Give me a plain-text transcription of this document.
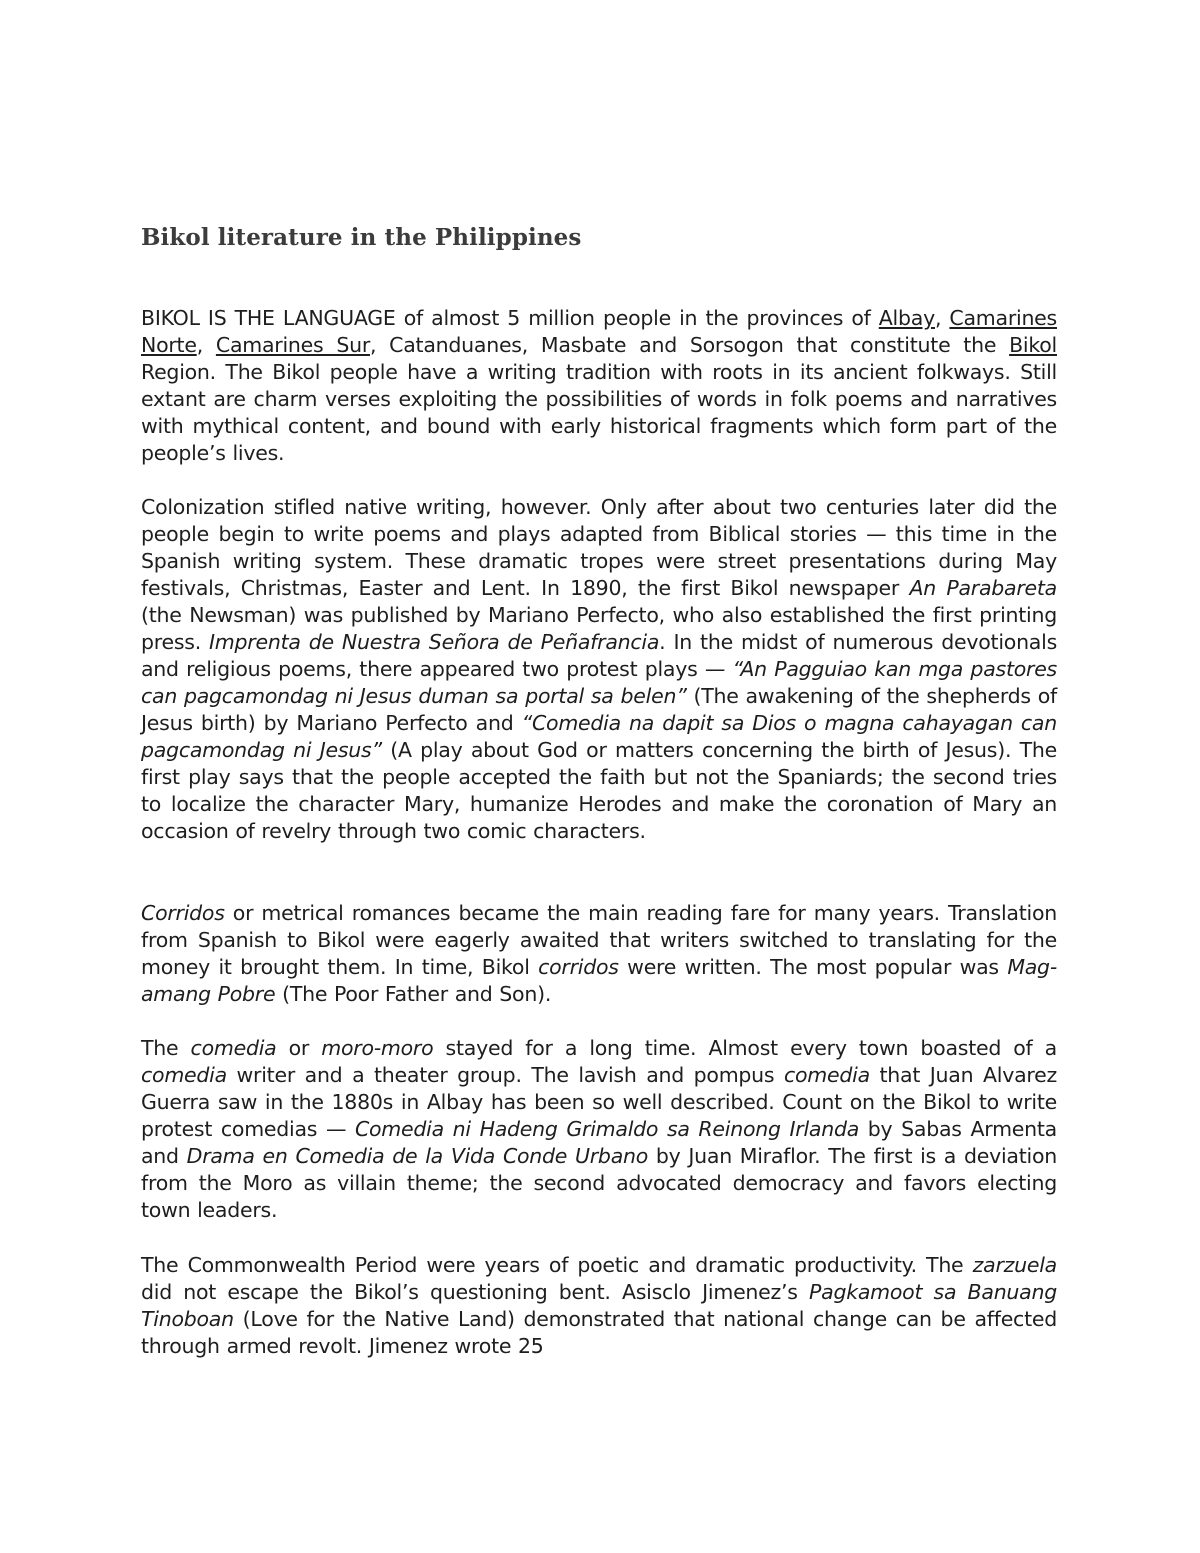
Bikol literature in the Philippines

BIKOL IS THE LANGUAGE of almost 5 million people in the provinces of Albay, Camarines Norte, Camarines Sur, Catanduanes, Masbate and Sorsogon that constitute the Bikol Region. The Bikol people have a writing tradition with roots in its ancient folkways. Still extant are charm verses exploiting the possibilities of words in folk poems and narratives with mythical content, and bound with early historical fragments which form part of the people’s lives.

Colonization stifled native writing, however. Only after about two centuries later did the people begin to write poems and plays adapted from Biblical stories — this time in the Spanish writing system. These dramatic tropes were street presentations during May festivals, Christmas, Easter and Lent. In 1890, the first Bikol newspaper An Parabareta (the Newsman) was published by Mariano Perfecto, who also established the first printing press. Imprenta de Nuestra Señora de Peñafrancia. In the midst of numerous devotionals and religious poems, there appeared two protest plays — “An Pagguiao kan mga pastores can pagcamondag ni Jesus duman sa portal sa belen” (The awakening of the shepherds of Jesus birth) by Mariano Perfecto and “Comedia na dapit sa Dios o magna cahayagan can pagcamondag ni Jesus” (A play about God or matters concerning the birth of Jesus). The first play says that the people accepted the faith but not the Spaniards; the second tries to localize the character Mary, humanize Herodes and make the coronation of Mary an occasion of revelry through two comic characters.

Corridos or metrical romances became the main reading fare for many years. Translation from Spanish to Bikol were eagerly awaited that writers switched to translating for the money it brought them. In time, Bikol corridos were written. The most popular was Mag-amang Pobre (The Poor Father and Son).

The comedia or moro-moro stayed for a long time. Almost every town boasted of a comedia writer and a theater group. The lavish and pompus comedia that Juan Alvarez Guerra saw in the 1880s in Albay has been so well described. Count on the Bikol to write protest comedias — Comedia ni Hadeng Grimaldo sa Reinong Irlanda by Sabas Armenta and Drama en Comedia de la Vida Conde Urbano by Juan Miraflor. The first is a deviation from the Moro as villain theme; the second advocated democracy and favors electing town leaders.

The Commonwealth Period were years of poetic and dramatic productivity. The zarzuela did not escape the Bikol’s questioning bent. Asisclo Jimenez’s Pagkamoot sa Banuang Tinoboan (Love for the Native Land) demonstrated that national change can be affected through armed revolt. Jimenez wrote 25
